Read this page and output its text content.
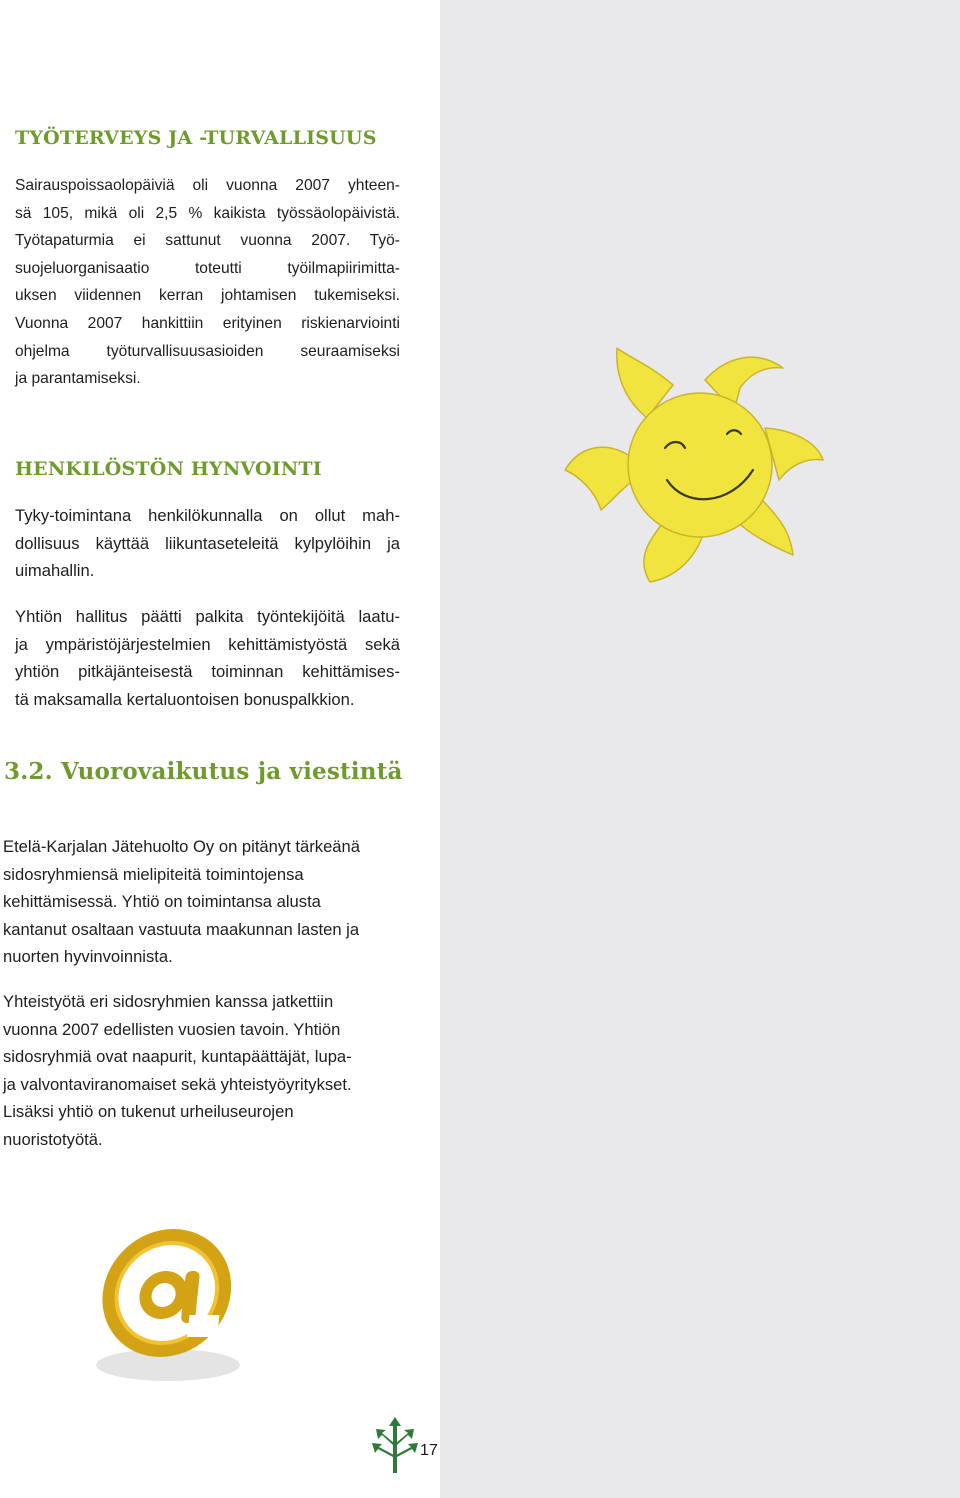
TYÖTERVEYS JA -TURVALLISUUS
Sairauspoissaolopäiviä oli vuonna 2007 yhteen-
sä 105, mikä oli 2,5 % kaikista työssäolopäivistä.
Työtapaturmia ei sattunut vuonna 2007. Työ-
suojeluorganisaatio toteutti työilmapiirimitta-
uksen viidennen kerran johtamisen tukemiseksi.
Vuonna 2007 hankittiin erityinen riskienarviointi
ohjelma työturvallisuusasioiden seuraamiseksi
ja parantamiseksi.
HENKILÖSTÖN HYNVOINTI
Tyky-toimintana henkilökunnalla on ollut mah-
dollisuus käyttää liikuntaseteleitä kylpylöihin ja
uimahallin.
Yhtiön hallitus päätti palkita työntekijöitä laatu-
ja ympäristöjärjestelmien kehittämistyöstä sekä
yhtiön pitkäjänteisestä toiminnan kehittämises-
tä maksamalla kertaluontoisen bonuspalkkion.
3.2. Vuorovaikutus ja viestintä
Etelä-Karjalan Jätehuolto Oy on pitänyt tärkeänä
sidosryhmiensä mielipiteitä toimintojensa
kehittämisessä. Yhtiö on toimintansa alusta
kantanut osaltaan vastuuta maakunnan lasten ja
nuorten hyvinvoinnista.
Yhteistyötä eri sidosryhmien kanssa jatkettiin
vuonna 2007 edellisten vuosien tavoin. Yhtiön
sidosryhmiä ovat naapurit, kuntapäättäjät, lupa-
ja valvontaviranomaiset sekä yhteistyöyritykset.
Lisäksi yhtiö on tukenut urheiluseurojen
nuoristotyötä.
17
